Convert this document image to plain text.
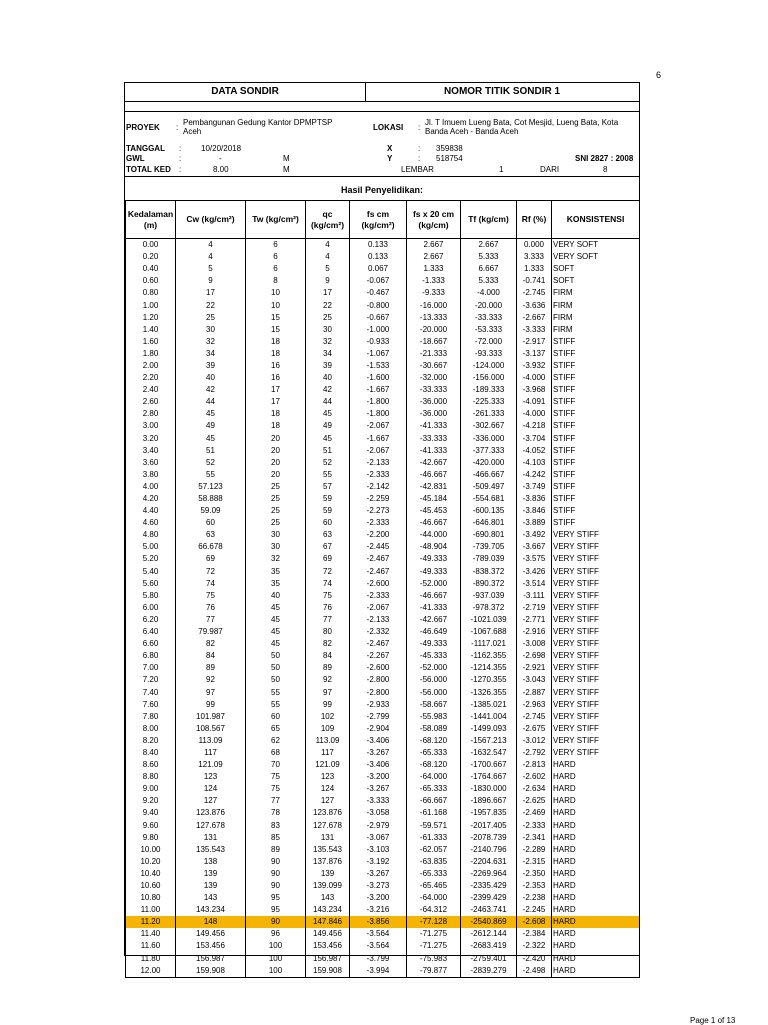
6
DATA SONDIR	NOMOR TITIK SONDIR 1
PROYEK :
Pembangunan Gedung Kantor DPMPTSP
Aceh	LOKASI :
Jl. T Imuem Lueng Bata, Cot Mesjid, Lueng Bata, Kota
Banda Aceh - Banda Aceh
TANGGAL : 10/20/2018
GWL	:	-	M
TOTAL KED :	8.00	M
X	: 359838
Y	: 518754	SNI 2827 : 2008
LEMBAR	1	DARI	8
Hasil Penyelidikan:
Kedalaman (m)	Cw (kg/cm²)	Tw (kg/cm²)	qc (kg/cm²)	fs cm (kg/cm²)	fs x 20 cm (kg/cm)	Tf (kg/cm)	Rf (%)	KONSISTENSI
0.00	4	6	4	0.133	2.667	2.667	0.000	VERY SOFT
0.20	4	6	4	0.133	2.667	5.333	3.333	VERY SOFT
0.40	5	6	5	0.067	1.333	6.667	1.333	SOFT
0.60	9	8	9	-0.067	-1.333	5.333	-0.741	SOFT
0.80	17	10	17	-0.467	-9.333	-4.000	-2.745	FIRM
1.00	22	10	22	-0.800	-16.000	-20.000	-3.636	FIRM
1.20	25	15	25	-0.667	-13.333	-33.333	-2.667	FIRM
1.40	30	15	30	-1.000	-20.000	-53.333	-3.333	FIRM
1.60	32	18	32	-0.933	-18.667	-72.000	-2.917	STIFF
1.80	34	18	34	-1.067	-21.333	-93.333	-3.137	STIFF
2.00	39	16	39	-1.533	-30.667	-124.000	-3.932	STIFF
2.20	40	16	40	-1.600	-32.000	-156.000	-4.000	STIFF
2.40	42	17	42	-1.667	-33.333	-189.333	-3.968	STIFF
2.60	44	17	44	-1.800	-36.000	-225.333	-4.091	STIFF
2.80	45	18	45	-1.800	-36.000	-261.333	-4.000	STIFF
3.00	49	18	49	-2.067	-41.333	-302.667	-4.218	STIFF
3.20	45	20	45	-1.667	-33.333	-336.000	-3.704	STIFF
3.40	51	20	51	-2.067	-41.333	-377.333	-4.052	STIFF
3.60	52	20	52	-2.133	-42.667	-420.000	-4.103	STIFF
3.80	55	20	55	-2.333	-46.667	-466.667	-4.242	STIFF
4.00	57.123	25	57	-2.142	-42.831	-509.497	-3.749	STIFF
4.20	58.888	25	59	-2.259	-45.184	-554.681	-3.836	STIFF
4.40	59.09	25	59	-2.273	-45.453	-600.135	-3.846	STIFF
4.60	60	25	60	-2.333	-46.667	-646.801	-3.889	STIFF
4.80	63	30	63	-2.200	-44.000	-690.801	-3.492	VERY STIFF
5.00	66.678	30	67	-2.445	-48.904	-739.705	-3.667	VERY STIFF
5.20	69	32	69	-2.467	-49.333	-789.039	-3.575	VERY STIFF
5.40	72	35	72	-2.467	-49.333	-838.372	-3.426	VERY STIFF
5.60	74	35	74	-2.600	-52.000	-890.372	-3.514	VERY STIFF
5.80	75	40	75	-2.333	-46.667	-937.039	-3.111	VERY STIFF
6.00	76	45	76	-2.067	-41.333	-978.372	-2.719	VERY STIFF
6.20	77	45	77	-2.133	-42.667	-1021.039	-2.771	VERY STIFF
6.40	79.987	45	80	-2.332	-46.649	-1067.688	-2.916	VERY STIFF
6.60	82	45	82	-2.467	-49.333	-1117.021	-3.008	VERY STIFF
6.80	84	50	84	-2.267	-45.333	-1162.355	-2.698	VERY STIFF
7.00	89	50	89	-2.600	-52.000	-1214.355	-2.921	VERY STIFF
7.20	92	50	92	-2.800	-56.000	-1270.355	-3.043	VERY STIFF
7.40	97	55	97	-2.800	-56.000	-1326.355	-2.887	VERY STIFF
7.60	99	55	99	-2.933	-58.667	-1385.021	-2.963	VERY STIFF
7.80	101.987	60	102	-2.799	-55.983	-1441.004	-2.745	VERY STIFF
8.00	108.567	65	109	-2.904	-58.089	-1499.093	-2.675	VERY STIFF
8.20	113.09	62	113.09	-3.406	-68.120	-1567.213	-3.012	VERY STIFF
8.40	117	68	117	-3.267	-65.333	-1632.547	-2.792	VERY STIFF
8.60	121.09	70	121.09	-3.406	-68.120	-1700.667	-2.813	HARD
8.80	123	75	123	-3.200	-64.000	-1764.667	-2.602	HARD
9.00	124	75	124	-3.267	-65.333	-1830.000	-2.634	HARD
9.20	127	77	127	-3.333	-66.667	-1896.667	-2.625	HARD
9.40	123.876	78	123.876	-3.058	-61.168	-1957.835	-2.469	HARD
9.60	127.678	83	127.678	-2.979	-59.571	-2017.405	-2.333	HARD
9.80	131	85	131	-3.067	-61.333	-2078.739	-2.341	HARD
10.00	135.543	89	135.543	-3.103	-62.057	-2140.796	-2.289	HARD
10.20	138	90	137.876	-3.192	-63.835	-2204.631	-2.315	HARD
10.40	139	90	139	-3.267	-65.333	-2269.964	-2.350	HARD
10.60	139	90	139.099	-3.273	-65.465	-2335.429	-2.353	HARD
10.80	143	95	143	-3.200	-64.000	-2399.429	-2.238	HARD
11.00	143.234	95	143.234	-3.216	-64.312	-2463.741	-2.245	HARD
11.20	148	90	147.846	-3.856	-77.128	-2540.869	-2.608	HARD
11.40	149.456	96	149.456	-3.564	-71.275	-2612.144	-2.384	HARD
11.60	153.456	100	153.456	-3.564	-71.275	-2683.419	-2.322	HARD
11.80	156.987	100	156.987	-3.799	-75.983	-2759.401	-2.420	HARD
12.00	159.908	100	159.908	-3.994	-79.877	-2839.279	-2.498	HARD
Page 1 of 13
